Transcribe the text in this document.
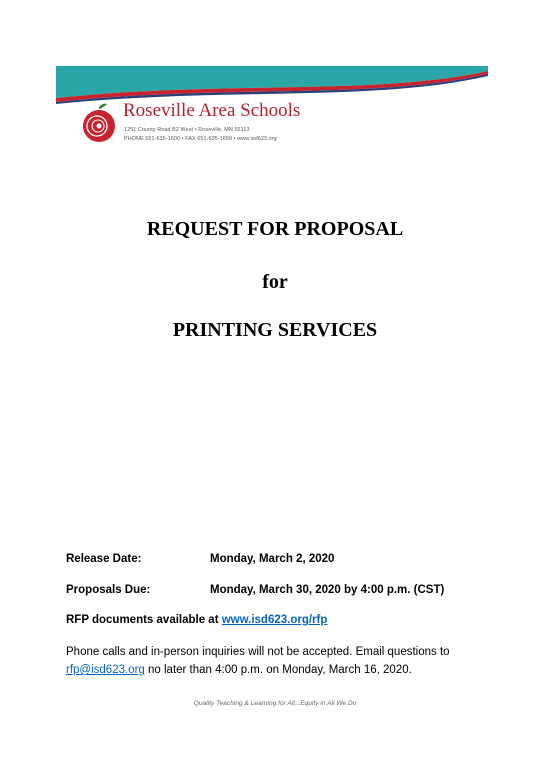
Roseville Area Schools
1251 County Road B2 West • Roseville, MN 55113
PHONE 651-635-1600 • FAX 651-635-1659 • www.isd623.org
REQUEST FOR PROPOSAL
for
PRINTING SERVICES
Release Date:	Monday, March 2, 2020
Proposals Due:	Monday, March 30, 2020 by 4:00 p.m. (CST)
RFP documents available at www.isd623.org/rfp
Phone calls and in-person inquiries will not be accepted. Email questions to rfp@isd623.org no later than 4:00 p.m. on Monday, March 16, 2020.
Quality Teaching & Learning for All...Equity in All We Do
